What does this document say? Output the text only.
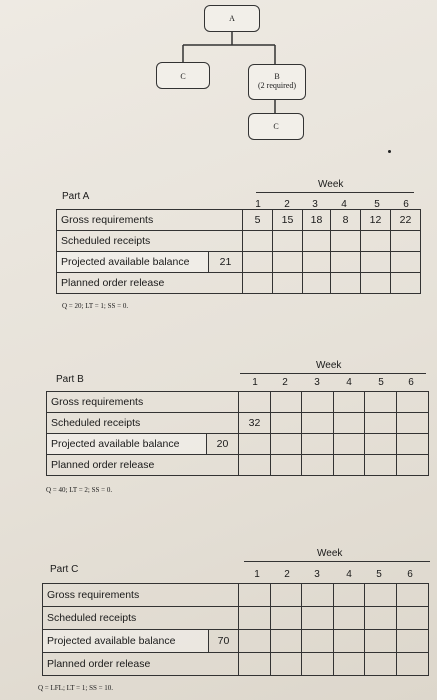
A
C	B
(2 required)
C
Week
Part A
1	2	3	4	5	6
Gross requirements		5	15	18	8	12	22
Scheduled receipts							
Projected available balance	21						
Planned order release							
Q = 20; LT = 1; SS = 0.
Week
Part B	1	2	3	4	5	6
Gross requirements							
Scheduled receipts		32					
Projected available balance	20						
Planned order release							
Q = 40; LT = 2; SS = 0.
Week
Part C	1	2	3	4	5	6
Gross requirements							
Scheduled receipts							
Projected available balance	70						
Planned order release							
Q = LFL; LT = 1; SS = 10.
